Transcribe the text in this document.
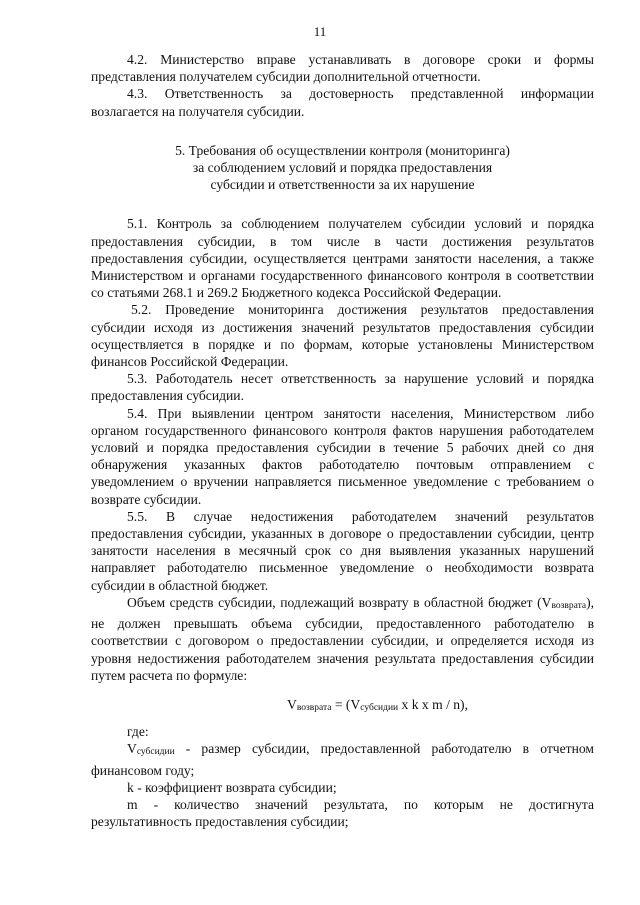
11

4.2. Министерство вправе устанавливать в договоре сроки и формы представления получателем субсидии дополнительной отчетности.

4.3. Ответственность за достоверность представленной информации возлагается на получателя субсидии.

5. Требования об осуществлении контроля (мониторинга)
за соблюдением условий и порядка предоставления
субсидии и ответственности за их нарушение

5.1. Контроль за соблюдением получателем субсидии условий и порядка предоставления субсидии, в том числе в части достижения результатов предоставления субсидии, осуществляется центрами занятости населения, а также Министерством и органами государственного финансового контроля в соответствии со статьями 268.1 и 269.2 Бюджетного кодекса Российской Федерации.

5.2. Проведение мониторинга достижения результатов предоставления субсидии исходя из достижения значений результатов предоставления субсидии осуществляется в порядке и по формам, которые установлены Министерством финансов Российской Федерации.

5.3. Работодатель несет ответственность за нарушение условий и порядка предоставления субсидии.

5.4. При выявлении центром занятости населения, Министерством либо органом государственного финансового контроля фактов нарушения работодателем условий и порядка предоставления субсидии в течение 5 рабочих дней со дня обнаружения указанных фактов работодателю почтовым отправлением с уведомлением о вручении направляется письменное уведомление с требованием о возврате субсидии.

5.5. В случае недостижения работодателем значений результатов предоставления субсидии, указанных в договоре о предоставлении субсидии, центр занятости населения в месячный срок со дня выявления указанных нарушений направляет работодателю письменное уведомление о необходимости возврата субсидии в областной бюджет.

Объем средств субсидии, подлежащий возврату в областной бюджет (Vвозврата), не должен превышать объема субсидии, предоставленного работодателю в соответствии с договором о предоставлении субсидии, и определяется исходя из уровня недостижения работодателем значения результата предоставления субсидии путем расчета по формуле:

Vвозврата = (Vсубсидии x k x m / n),

где:

Vсубсидии - размер субсидии, предоставленной работодателю в отчетном финансовом году;

k - коэффициент возврата субсидии;

m - количество значений результата, по которым не достигнута результативность предоставления субсидии;
